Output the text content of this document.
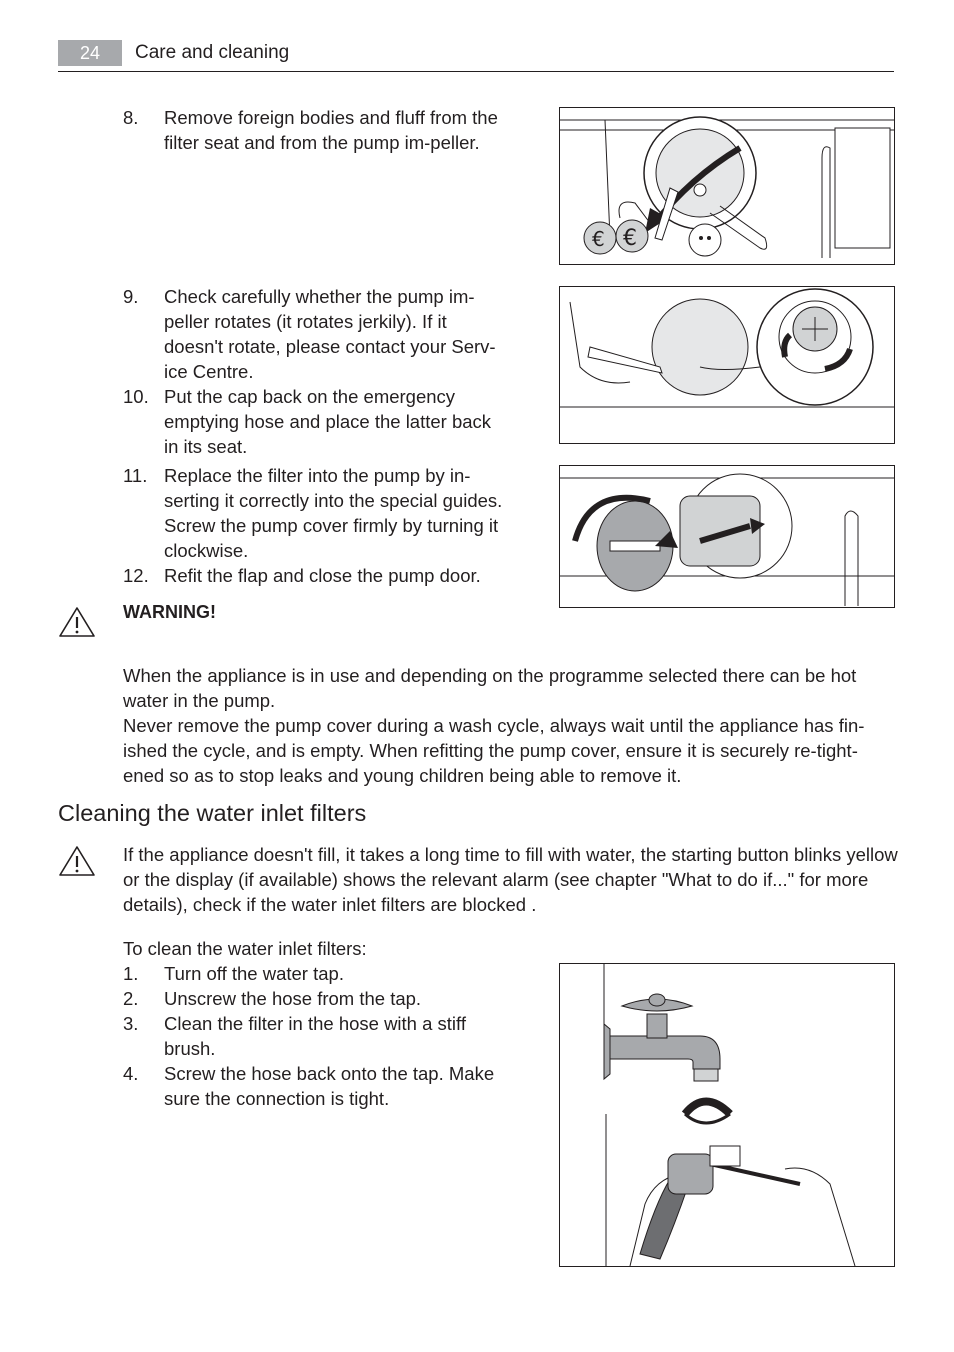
24	Care and cleaning
8. Remove foreign bodies and fluff from the filter seat and from the pump im-peller.
9. Check carefully whether the pump im-peller rotates (it rotates jerkily). If it doesn't rotate, please contact your Serv-ice Centre.
10. Put the cap back on the emergency emptying hose and place the latter back in its seat.
11. Replace the filter into the pump by in-serting it correctly into the special guides. Screw the pump cover firmly by turning it clockwise.
12. Refit the flap and close the pump door.
€ €
WARNING!
When the appliance is in use and depending on the programme selected there can be hot water in the pump.
Never remove the pump cover during a wash cycle, always wait until the appliance has fin-ished the cycle, and is empty. When refitting the pump cover, ensure it is securely re-tight-ened so as to stop leaks and young children being able to remove it.
Cleaning the water inlet filters
If the appliance doesn't fill, it takes a long time to fill with water, the starting button blinks yellow or the display (if available) shows the relevant alarm (see chapter "What to do if..." for more details), check if the water inlet filters are blocked .
To clean the water inlet filters:
1. Turn off the water tap.
2. Unscrew the hose from the tap.
3. Clean the filter in the hose with a stiff brush.
4. Screw the hose back onto the tap. Make sure the connection is tight.
